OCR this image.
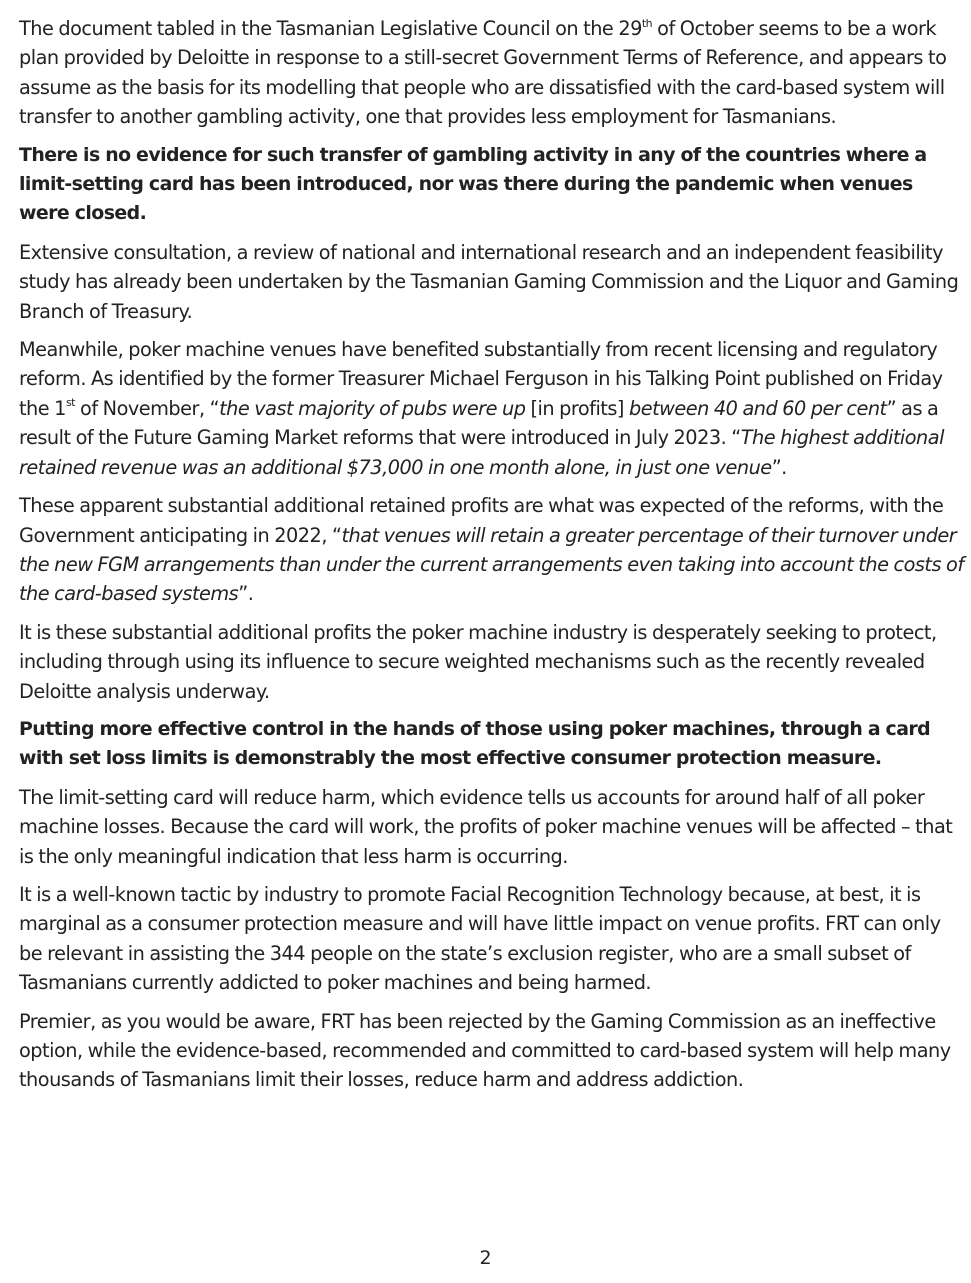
The document tabled in the Tasmanian Legislative Council on the 29th of October seems to be a work plan provided by Deloitte in response to a still-secret Government Terms of Reference, and appears to assume as the basis for its modelling that people who are dissatisfied with the card-based system will transfer to another gambling activity, one that provides less employment for Tasmanians.

There is no evidence for such transfer of gambling activity in any of the countries where a limit-setting card has been introduced, nor was there during the pandemic when venues were closed.

Extensive consultation, a review of national and international research and an independent feasibility study has already been undertaken by the Tasmanian Gaming Commission and the Liquor and Gaming Branch of Treasury.

Meanwhile, poker machine venues have benefited substantially from recent licensing and regulatory reform. As identified by the former Treasurer Michael Ferguson in his Talking Point published on Friday the 1st of November, “the vast majority of pubs were up [in profits] between 40 and 60 per cent” as a result of the Future Gaming Market reforms that were introduced in July 2023. “The highest additional retained revenue was an additional $73,000 in one month alone, in just one venue”.

These apparent substantial additional retained profits are what was expected of the reforms, with the Government anticipating in 2022, “that venues will retain a greater percentage of their turnover under the new FGM arrangements than under the current arrangements even taking into account the costs of the card-based systems”.

It is these substantial additional profits the poker machine industry is desperately seeking to protect, including through using its influence to secure weighted mechanisms such as the recently revealed Deloitte analysis underway.

Putting more effective control in the hands of those using poker machines, through a card with set loss limits is demonstrably the most effective consumer protection measure.

The limit-setting card will reduce harm, which evidence tells us accounts for around half of all poker machine losses. Because the card will work, the profits of poker machine venues will be affected – that is the only meaningful indication that less harm is occurring.

It is a well-known tactic by industry to promote Facial Recognition Technology because, at best, it is marginal as a consumer protection measure and will have little impact on venue profits. FRT can only be relevant in assisting the 344 people on the state’s exclusion register, who are a small subset of Tasmanians currently addicted to poker machines and being harmed.

Premier, as you would be aware, FRT has been rejected by the Gaming Commission as an ineffective option, while the evidence-based, recommended and committed to card-based system will help many thousands of Tasmanians limit their losses, reduce harm and address addiction.

2
